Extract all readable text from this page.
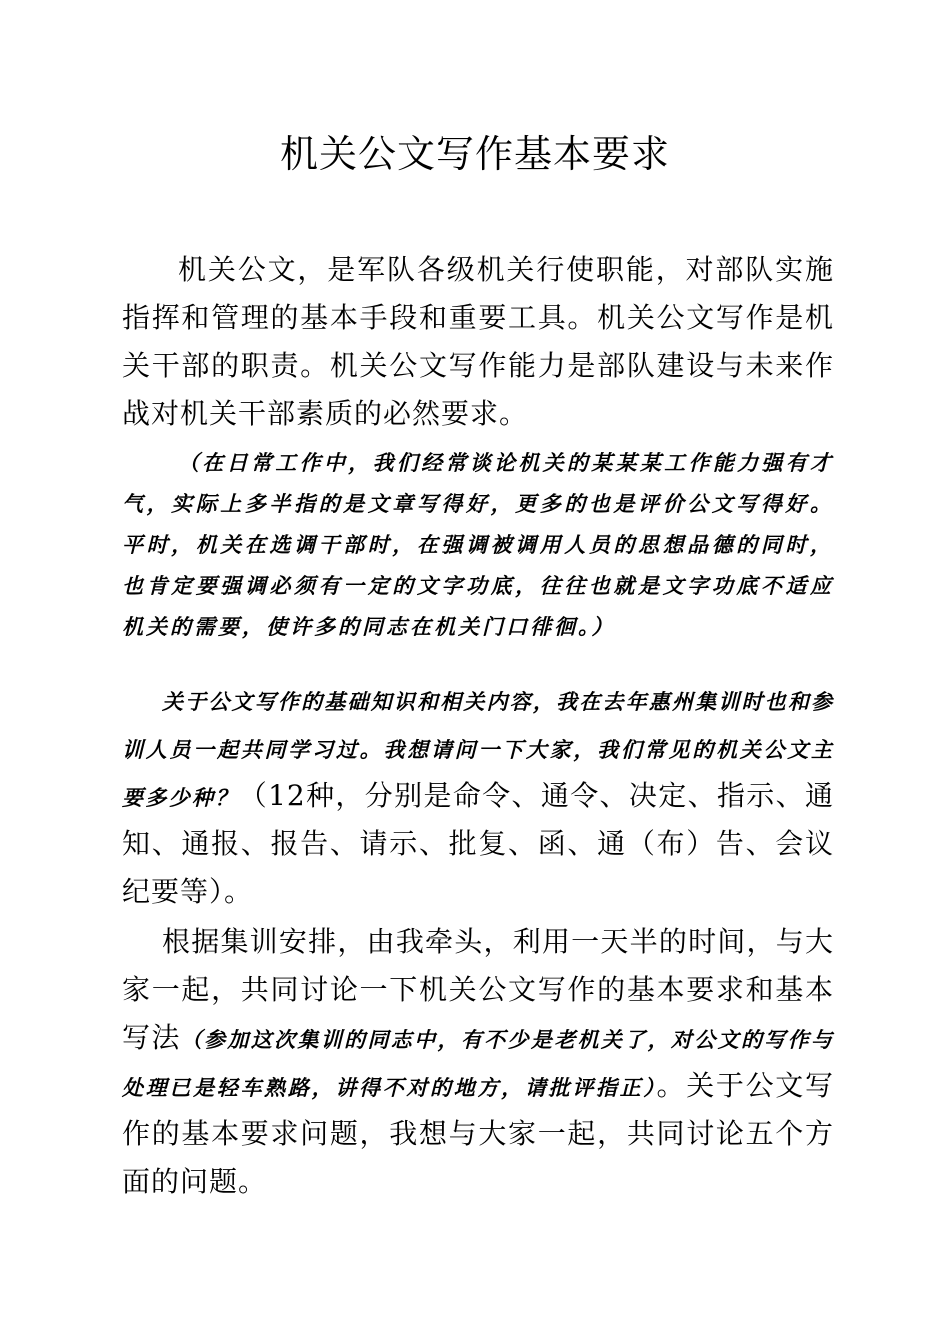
机关公文写作基本要求

机关公文，是军队各级机关行使职能，对部队实施指挥和管理的基本手段和重要工具。机关公文写作是机关干部的职责。机关公文写作能力是部队建设与未来作战对机关干部素质的必然要求。

（在日常工作中，我们经常谈论机关的某某某工作能力强有才气，实际上多半指的是文章写得好，更多的也是评价公文写得好。平时，机关在选调干部时，在强调被调用人员的思想品德的同时，也肯定要强调必须有一定的文字功底，往往也就是文字功底不适应机关的需要，使许多的同志在机关门口徘徊。）

关于公文写作的基础知识和相关内容，我在去年惠州集训时也和参训人员一起共同学习过。我想请问一下大家，我们常见的机关公文主要多少种？（12种，分别是命令、通令、决定、指示、通知、通报、报告、请示、批复、函、通（布）告、会议纪要等）。

根据集训安排，由我牵头，利用一天半的时间，与大家一起，共同讨论一下机关公文写作的基本要求和基本写法（参加这次集训的同志中，有不少是老机关了，对公文的写作与处理已是轻车熟路，讲得不对的地方，请批评指正）。关于公文写作的基本要求问题，我想与大家一起，共同讨论五个方面的问题。
